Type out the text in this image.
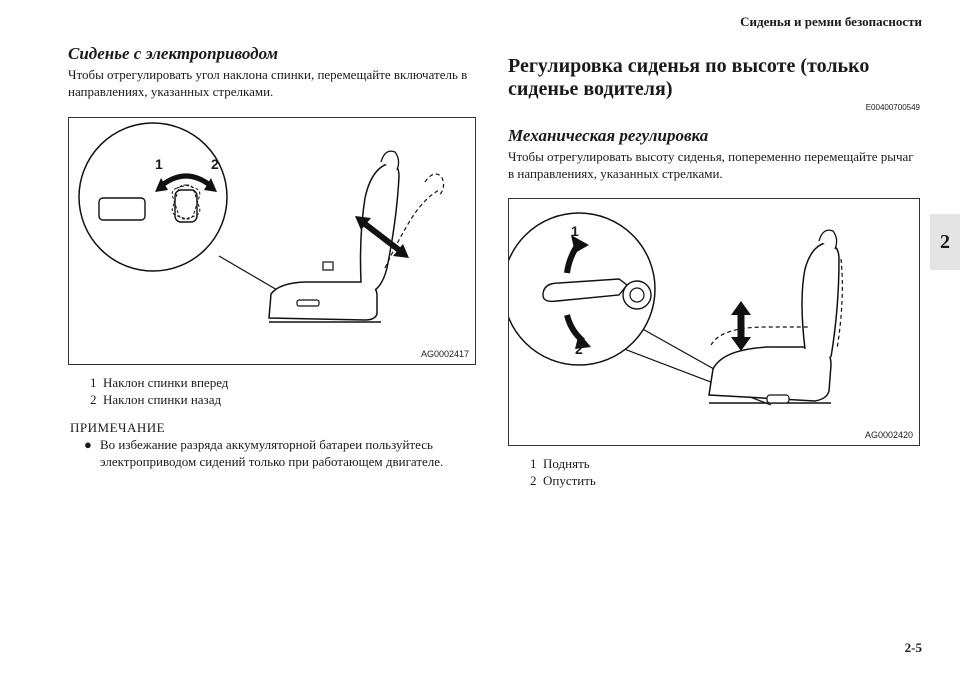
Сиденья и ремни безопасности
2
Сиденье с электроприводом

Чтобы отрегулировать угол наклона спинки, перемещайте включатель в направлениях, указанных стрелками.

1	2
AG0002417
1 Наклон спинки вперед
2 Наклон спинки назад
ПРИМЕЧАНИЕ
● Во избежание разряда аккумуляторной батареи пользуйтесь электроприводом сидений только при работающем двигателе.
Регулировка сиденья по высоте (только сиденье водителя)
E00400700549
Механическая регулировка

Чтобы отрегулировать высоту сиденья, попеременно перемещайте рычаг в направлениях, указанных стрелками.

1
2
AG0002420
1 Поднять
2 Опустить
2-5
